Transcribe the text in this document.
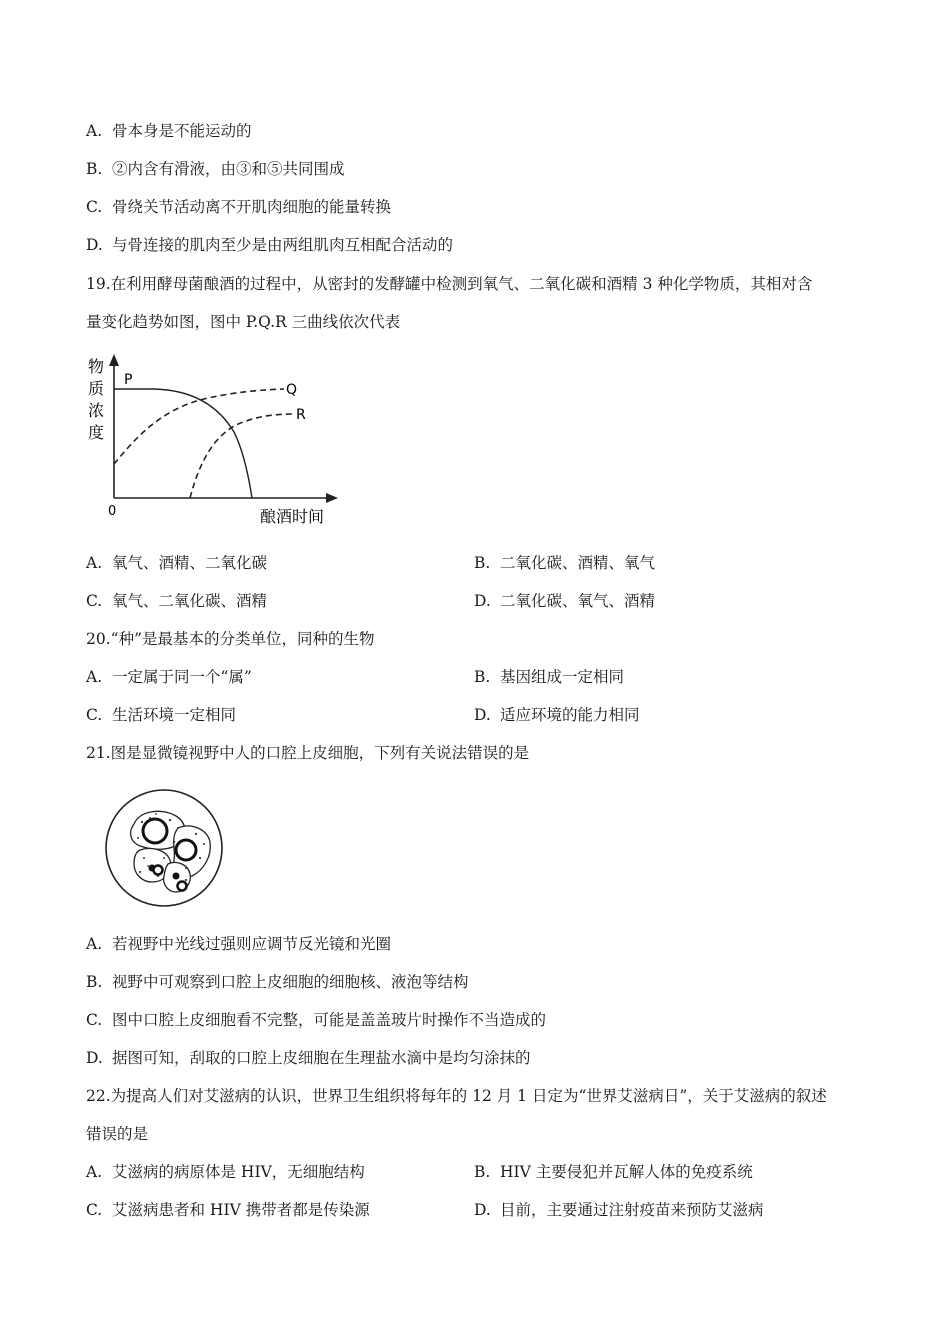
A. 骨本身是不能运动的
B. ②内含有滑液，由③和⑤共同围成
C. 骨绕关节活动离不开肌肉细胞的能量转换
D. 与骨连接的肌肉至少是由两组肌肉互相配合活动的
19.在利用酵母菌酿酒的过程中，从密封的发酵罐中检测到氧气、二氧化碳和酒精 3 种化学物质，其相对含
量变化趋势如图，图中 P.Q.R 三曲线依次代表
物
质
浓
度
0	酿酒时间
P
Q
R
A. 氧气、酒精、二氧化碳	B. 二氧化碳、酒精、氧气
C. 氧气、二氧化碳、酒精	D. 二氧化碳、氧气、酒精
20.“种”是最基本的分类单位，同种的生物
A. 一定属于同一个“属”	B. 基因组成一定相同
C. 生活环境一定相同	D. 适应环境的能力相同
21.图是显微镜视野中人的口腔上皮细胞，下列有关说法错误的是
A. 若视野中光线过强则应调节反光镜和光圈
B. 视野中可观察到口腔上皮细胞的细胞核、液泡等结构
C. 图中口腔上皮细胞看不完整，可能是盖盖玻片时操作不当造成的
D. 据图可知，刮取的口腔上皮细胞在生理盐水滴中是均匀涂抹的
22.为提高人们对艾滋病的认识，世界卫生组织将每年的 12 月 1 日定为“世界艾滋病日”，关于艾滋病的叙述
错误的是
A. 艾滋病的病原体是 HIV，无细胞结构	B. HIV 主要侵犯并瓦解人体的免疫系统
C. 艾滋病患者和 HIV 携带者都是传染源	D. 目前，主要通过注射疫苗来预防艾滋病
